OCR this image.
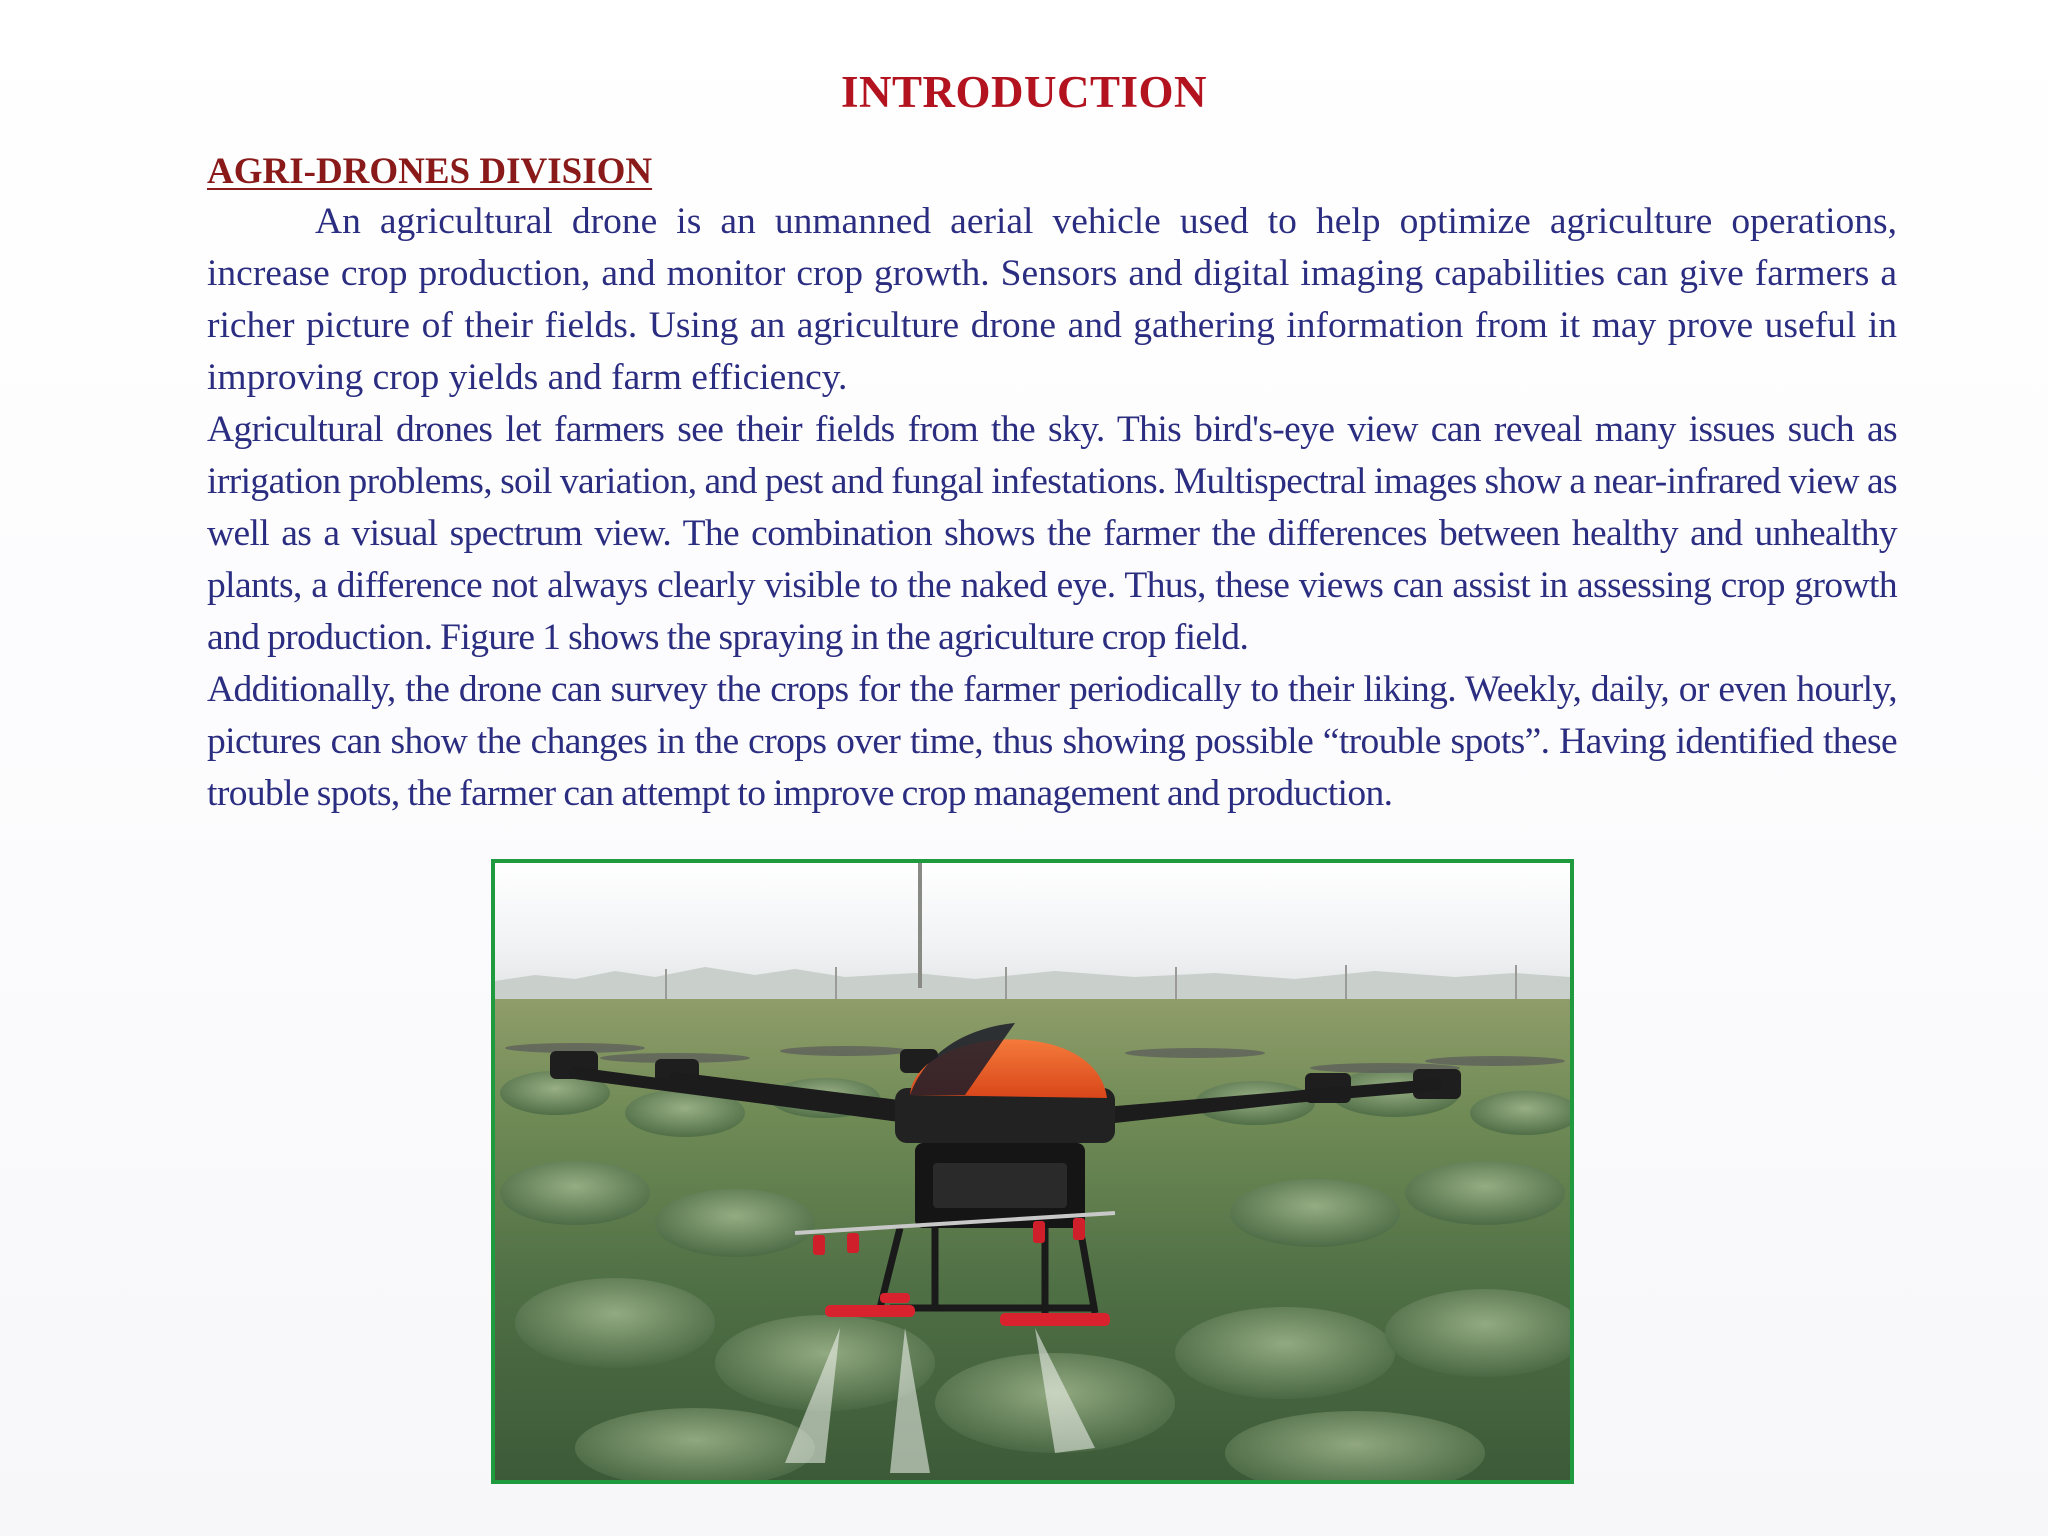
INTRODUCTION
AGRI-DRONES DIVISION

An agricultural drone is an unmanned aerial vehicle used to help optimize agriculture operations, increase crop production, and monitor crop growth. Sensors and digital imaging capabilities can give farmers a richer picture of their fields. Using an agriculture drone and gathering information from it may prove useful in improving crop yields and farm efficiency.

Agricultural drones let farmers see their fields from the sky. This bird's-eye view can reveal many issues such as irrigation problems, soil variation, and pest and fungal infestations. Multispectral images show a near-infrared view as well as a visual spectrum view. The combination shows the farmer the differences between healthy and unhealthy plants, a difference not always clearly visible to the naked eye. Thus, these views can assist in assessing crop growth and production. Figure 1 shows the spraying in the agriculture crop field.

Additionally, the drone can survey the crops for the farmer periodically to their liking. Weekly, daily, or even hourly, pictures can show the changes in the crops over time, thus showing possible “trouble spots”. Having identified these trouble spots, the farmer can attempt to improve crop management and production.
